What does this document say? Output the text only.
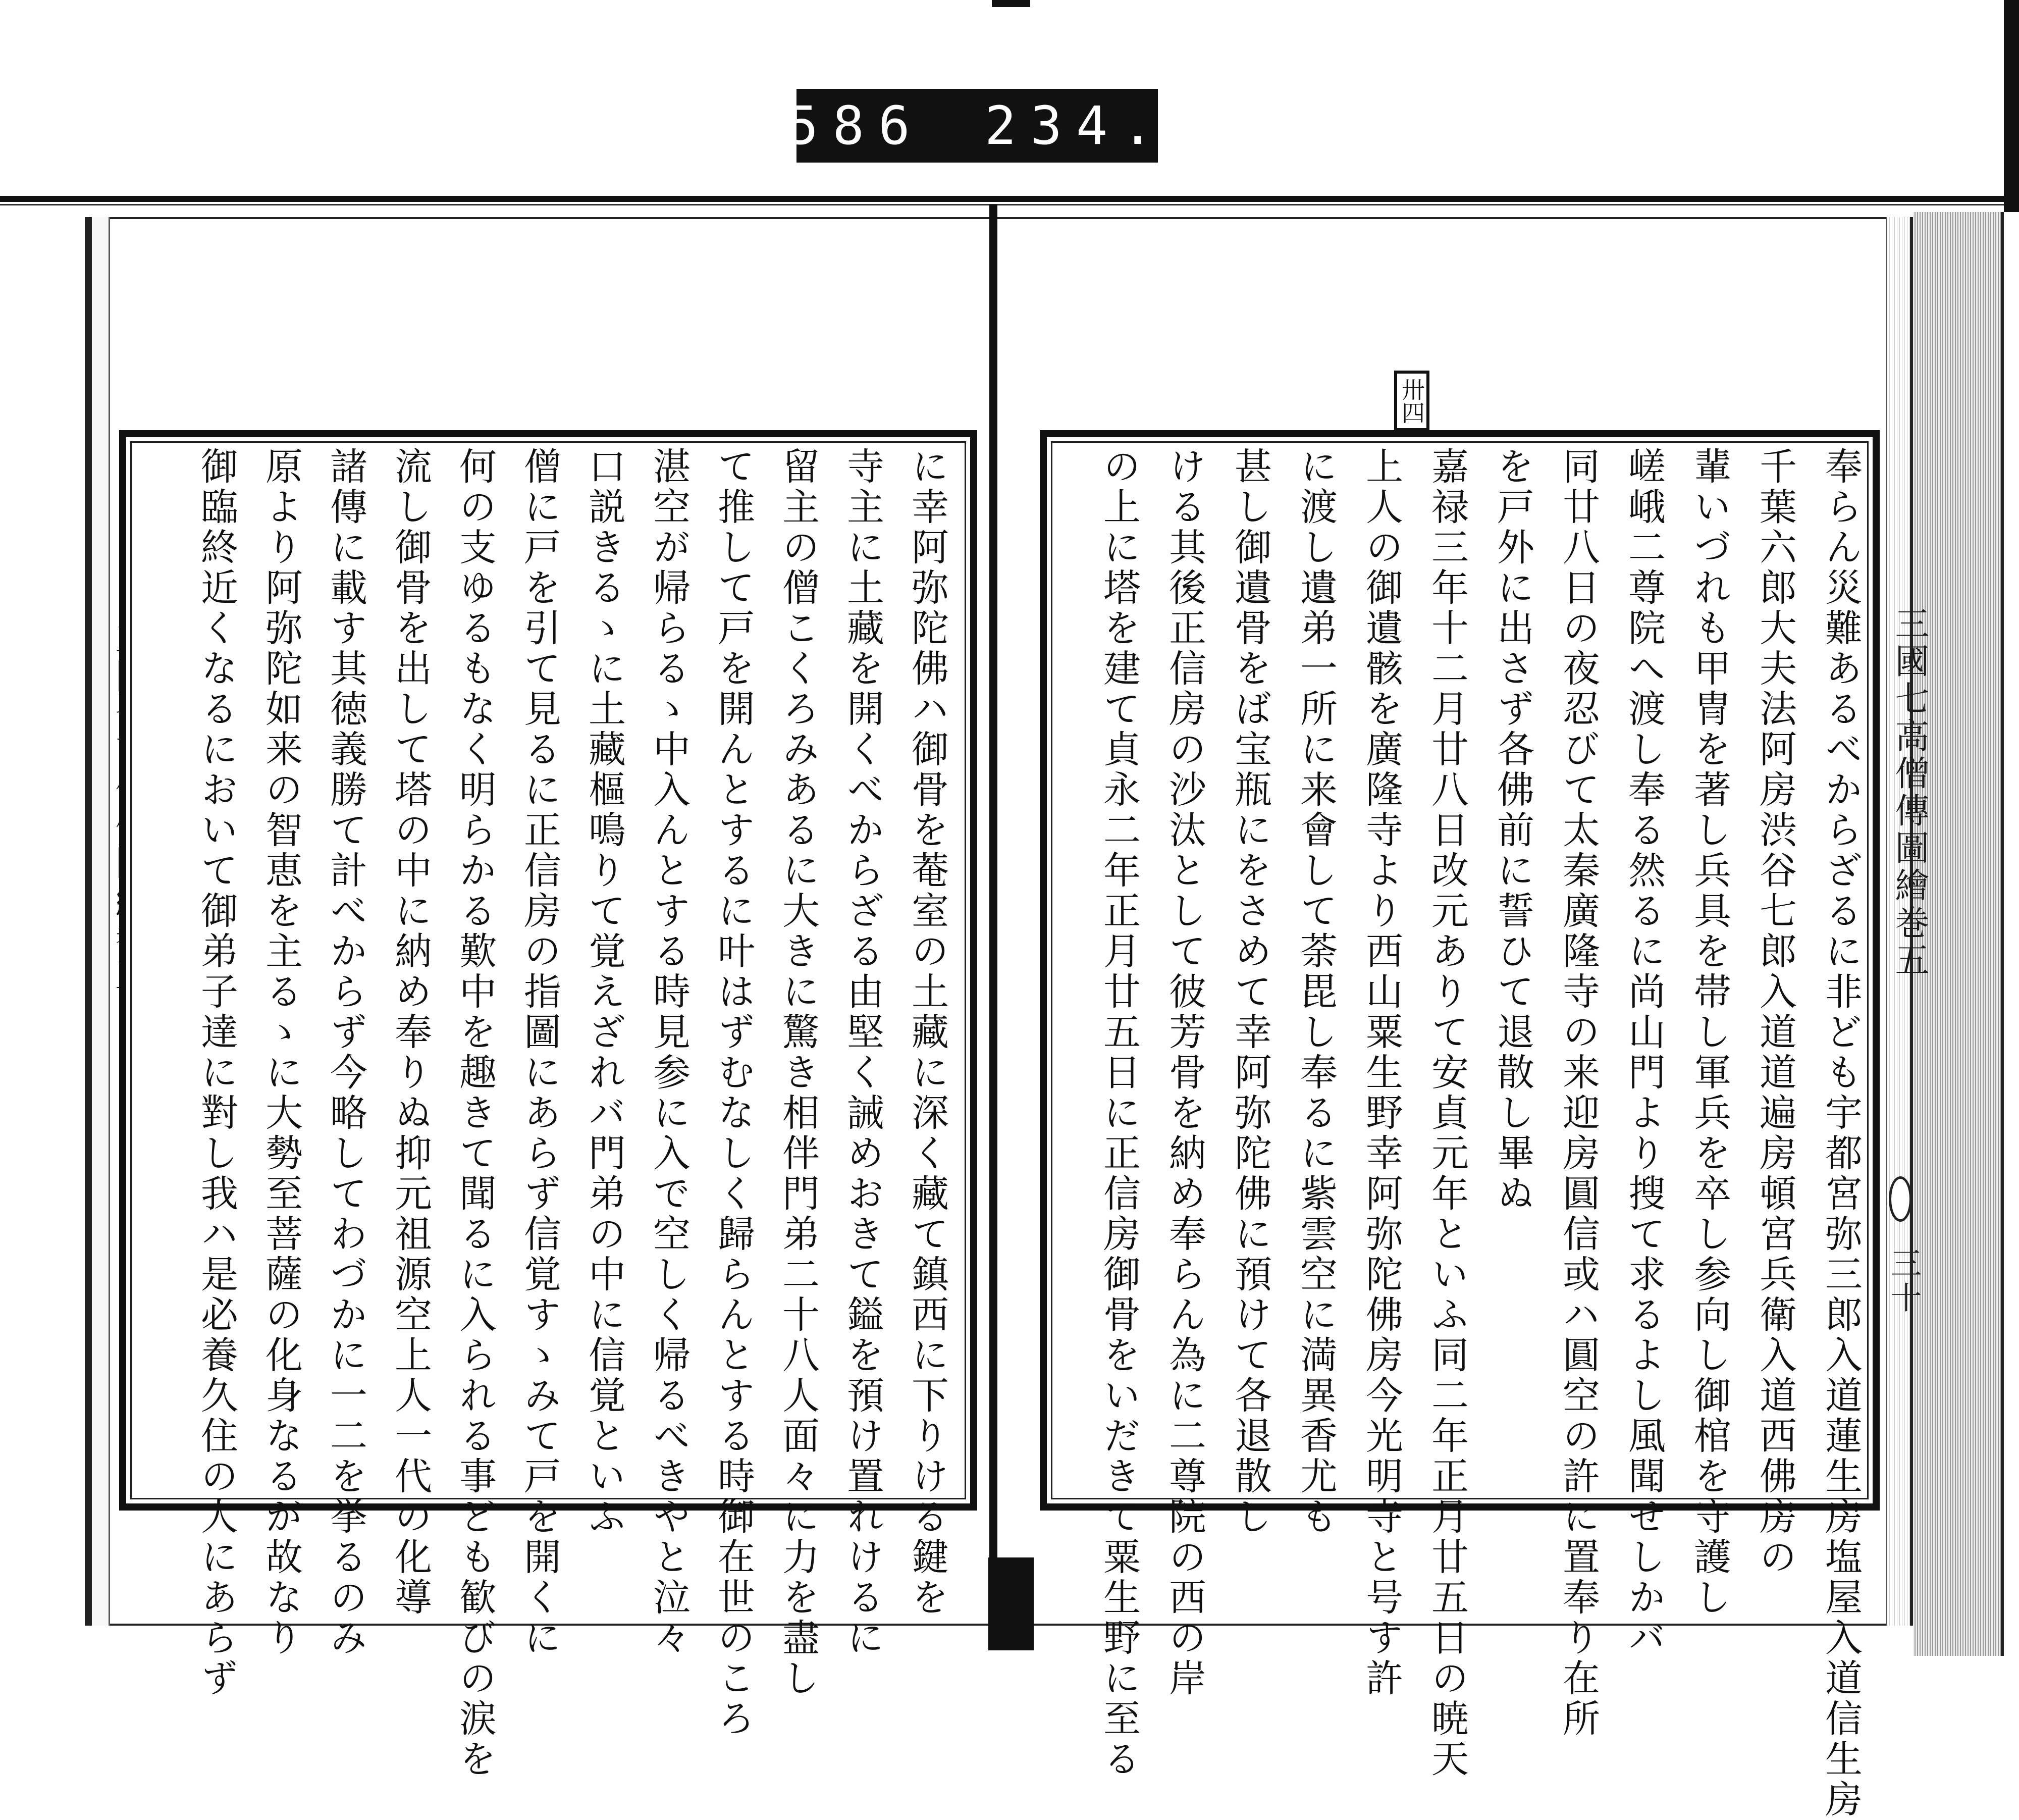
586 234.
三國七高僧傳圖繪巻五
三十
卅四
奉らん災難あるべからざるに非ども宇都宮弥三郎入道蓮生房塩屋入道信生房
千葉六郎大夫法阿房渋谷七郎入道道遍房頓宮兵衛入道西佛房の
輩いづれも甲冑を著し兵具を帯し軍兵を卒し参向し御棺を守護し
嵯峨二尊院へ渡し奉る然るに尚山門より搜て求るよし風聞せしかバ
同廿八日の夜忍びて太秦廣隆寺の来迎房圓信或ハ圓空の許に置奉り在所
を戸外に出さず各佛前に誓ひて退散し畢ぬ
嘉禄三年十二月廿八日改元ありて安貞元年といふ同二年正月廿五日の暁天
上人の御遺骸を廣隆寺より西山粟生野幸阿弥陀佛房今光明寺と号す許
に渡し遺弟一所に来會して荼毘し奉るに紫雲空に満異香尤も
甚し御遺骨をば宝瓶にをさめて幸阿弥陀佛に預けて各退散し
ける其後正信房の沙汰として彼芳骨を納め奉らん為に二尊院の西の岸
の上に塔を建て貞永二年正月廿五日に正信房御骨をいだきて粟生野に至る
に幸阿弥陀佛ハ御骨を菴室の土藏に深く藏て鎮西に下りける鍵を
寺主に土藏を開くべからざる由堅く誡めおきて鎰を預け置れけるに
留主の僧こくろみあるに大きに驚き相伴門弟二十八人面々に力を盡し
て推して戸を開んとするに叶はずむなしく歸らんとする時御在世のころ
湛空が帰らるゝ中入んとする時見参に入で空しく帰るべきやと泣々
口説きるゝに土藏樞鳴りて覚えざれバ門弟の中に信覚といふ
僧に戸を引て見るに正信房の指圖にあらず信覚すゝみて戸を開くに
何の支ゆるもなく明らかる歎中を趣きて聞るに入られる事ども歓びの涙を
流し御骨を出して塔の中に納め奉りぬ抑元祖源空上人一代の化導
諸傳に載す其徳義勝て計べからず今略してわづかに一二を挙るのみ
原より阿弥陀如来の智恵を主るゝに大勢至菩薩の化身なるが故なり
御臨終近くなるにおいて御弟子達に對し我ハ是必養久住の人にあらず
